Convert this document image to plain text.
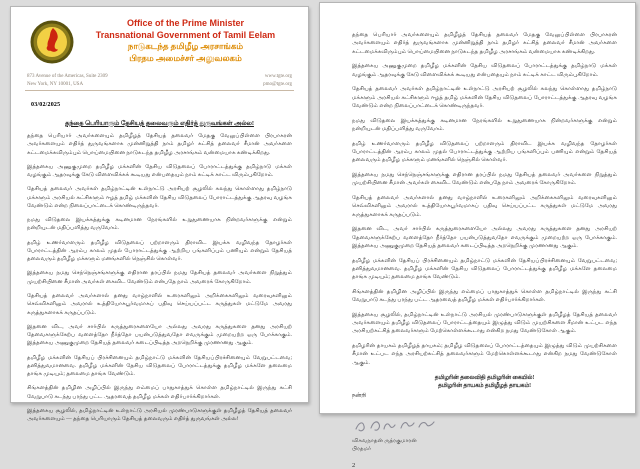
Office of the Prime Minister
Transnational Government of Tamil Eelam
நாடுகடந்த தமிழீழ அரசாங்கம்
பிரதம அமைச்சர் அலுவலகம்
873 Avenue of the Americas, Suite 2309
New York, NY 10001, USA
www.tgte.org
pmo@tgte.org
03/02/2025
தந்தை பெரியாரும் தேசியத் தலைவரும் எதிர்த் துருவங்கள் அல்ல!

தந்தை பெரியார் அவர்களையும் தமிழீழத் தேசியத் தலைவர் மேதகு வேலுப்பிள்ளை பிரபாகரன் அவர்களையும் எதிர்த் துருவங்களாக முன்னிறுத்தி நாம் தமிழர் கட்சித் தலைவர் சீமான் அவர்களை கட்டமைக்கவிரும்பும் பொய்மையினை நாடுகடந்த தமிழீழ அரசாங்கம் வன்மையாக கண்டிக்கிறது.

இத்தகைய அணுகுமுறை தமிழீழ மக்களின் தேசிய விடுதலைப் போராட்டத்துக்கு தமிழ்நாடு மக்கள் வழங்கும் ஆதரவுக்கு கேடு விளைவிக்கக் கூடியது என்பதையும் நாம் சுட்டிக் காட்ட விரும்புகிறோம்.

தேசியத் தலைவர் அவர்கள் தமிழ்நாட்டின் உள்நாட்டு அரசியற் சூழலில் கலந்து கொள்ளாது தமிழ்நாடு மக்களும் அரசியல் கட்சிகளும் ஈழத் தமிழ் மக்களின் தேசிய விடுதலைப் போராட்டத்துக்கு ஆதரவு வழங்க வேண்டும் என்ற நிலைப்பாட்டைக் கொண்டிருந்தவர்.

நமது விடுதலை இயக்கத்துக்கு கடினமான நேரங்களில் உறுதுணையாக நின்றவர்களுக்கு என்றும் நன்றியுடன் மதிப்பளித்து வருவோம்.

தமிழ் உணர்வாளரும் தமிழீழ விடுதலைப் பற்றாளரும் திராவிட இயக்க வழிவந்த தோழர்கள் போராட்டத்தின் ஆரம்ப காலம் முதல் போராட்டத்துக்கு ஆற்றிய பங்களிப்பும் பணியும் என்றும் தேசியத் தலைவரும் தமிழீழ மக்களும் மனங்களில் நெஞ்சில் கொள்வர்.

இத்தகைய நமது செந்நெஞ்சங்களுக்கு எதிரான தரப்பில் நமது தேசியத் தலைவர் அவர்களை நிறுத்தும் முயற்சியினை சீமான் அவர்கள் கைவிட வேண்டும் என்பதே நாம் அவரைக் கோருகிறோம்.

தேசியத் தலைவர் அவர்களால் தனது வாழ்நாளில் உரைகளிலும் அறிக்கைகளிலும் வரைவுகளிலும் செவ்விகளிலும் அவரால் உத்தியோகபூர்வமாகப் பதிவு செய்யப்பட்ட கருத்துகள் மட்டுமே அவரது கருத்துகளாகக் கருதப்படும்.

இதனை விட, அவர் சார்பில் கருத்துரைகளையோ அல்லது அவரது கருத்துகளை தனது அரசியற் தேவைகளுக்கேற்ப வளைத்தோ நீர்த்தோ பயன்படுத்துவதோ எவருக்கும் முறையற்ற ஒரு போக்காகும். இத்தகைய அணுகுமுறை தேசியத் தலைவர் கடைப்பிடித்த அறநெறிக்கு முரணானது ஆகும்.

தமிழீழ மக்களின் தேசியப் பிரச்சினையும் தமிழ்நாட்டு மக்களின் தேசியப்பிரச்சினையும் வேறுபட்டவை; தனித்துவமானவை. தமிழீழ மக்களின் தேசிய விடுதலைப் போராட்டத்துக்கு தமிழீழ மக்களே தலைமை தாங்க முடியும்; தலைமை தாங்க வேண்டும்.

சிங்களத்தின் தமிழின அழிப்பில் இருந்து எம்மைப் பாதுகாத்துக் கொள்ள தமிழ்நாட்டில் இருந்து கட்சி வேறுபாடு கடந்து பரந்து பட்ட ஆதரவைத் தமிழீழ மக்கள் எதிர்பார்க்கிறார்கள்.

இத்தகைய சூழலில், தமிழ்நாட்டின் உள்நாட்டு அரசியல் முரண்பாடுகளுக்குள் தமிழீழத் தேசியத் தலைவர் அவர்களையும் — தந்தை பெரியாரும் தேசியத் தலைவரும் எதிர்த் துருவங்கள் அல்ல!

தந்தை பெரியார் அவர்களையும் தமிழீழத் தேசியத் தலைவர் மேதகு வேலுப்பிள்ளை பிரபாகரன் அவர்களையும் எதிர்த் துருவங்களாக முன்னிறுத்தி நாம் தமிழர் கட்சித் தலைவர் சீமான் அவர்களை கட்டமைக்கவிரும்பும் பொய்மையினை நாடுகடந்த தமிழீழ அரசாங்கம் வன்மையாக கண்டிக்கிறது.

இத்தகைய அணுகுமுறை தமிழீழ மக்களின் தேசிய விடுதலைப் போராட்டத்துக்கு தமிழ்நாடு மக்கள் வழங்கும் ஆதரவுக்கு கேடு விளைவிக்கக் கூடியது என்பதையும் நாம் சுட்டிக் காட்ட விரும்புகிறோம்.

தேசியத் தலைவர் அவர்கள் தமிழ்நாட்டின் உள்நாட்டு அரசியற் சூழலில் கலந்து கொள்ளாது தமிழ்நாடு மக்களும் அரசியல் கட்சிகளும் ஈழத் தமிழ் மக்களின் தேசிய விடுதலைப் போராட்டத்துக்கு ஆதரவு வழங்க வேண்டும் என்ற நிலைப்பாட்டைக் கொண்டிருந்தவர்.

நமது விடுதலை இயக்கத்துக்கு கடினமான நேரங்களில் உறுதுணையாக நின்றவர்களுக்கு என்றும் நன்றியுடன் மதிப்பளித்து வருவோம்.

தமிழ் உணர்வாளரும் தமிழீழ விடுதலைப் பற்றாளரும் திராவிட இயக்க வழிவந்த தோழர்கள் போராட்டத்தின் ஆரம்ப காலம் முதல் போராட்டத்துக்கு ஆற்றிய பங்களிப்பும் பணியும் என்றும் தேசியத் தலைவரும் தமிழீழ மக்களும் மனங்களில் நெஞ்சில் கொள்வர்.

இத்தகைய நமது செந்நெஞ்சங்களுக்கு எதிரான தரப்பில் நமது தேசியத் தலைவர் அவர்களை நிறுத்தும் முயற்சியினை சீமான் அவர்கள் கைவிட வேண்டும் என்பதே நாம் அவரைக் கோருகிறோம்.

தேசியத் தலைவர் அவர்களால் தனது வாழ்நாளில் உரைகளிலும் அறிக்கைகளிலும் வரைவுகளிலும் செவ்விகளிலும் அவரால் உத்தியோகபூர்வமாகப் பதிவு செய்யப்பட்ட கருத்துகள் மட்டுமே அவரது கருத்துகளாகக் கருதப்படும்.

இதனை விட, அவர் சார்பில் கருத்துரைகளையோ அல்லது அவரது கருத்துகளை தனது அரசியற் தேவைகளுக்கேற்ப வளைத்தோ நீர்த்தோ பயன்படுத்துவதோ எவருக்கும் முறையற்ற ஒரு போக்காகும். இத்தகைய அணுகுமுறை தேசியத் தலைவர் கடைப்பிடித்த அறநெறிக்கு முரணானது ஆகும்.

தமிழீழ மக்களின் தேசியப் பிரச்சினையும் தமிழ்நாட்டு மக்களின் தேசியப்பிரச்சினையும் வேறுபட்டவை; தனித்துவமானவை. தமிழீழ மக்களின் தேசிய விடுதலைப் போராட்டத்துக்கு தமிழீழ மக்களே தலைமை தாங்க முடியும்; தலைமை தாங்க வேண்டும்.

சிங்களத்தின் தமிழின அழிப்பில் இருந்து எம்மைப் பாதுகாத்துக் கொள்ள தமிழ்நாட்டில் இருந்து கட்சி வேறுபாடு கடந்து பரந்து பட்ட ஆதரவைத் தமிழீழ மக்கள் எதிர்பார்க்கிறார்கள்.

இத்தகைய சூழலில், தமிழ்நாட்டின் உள்நாட்டு அரசியல் முரண்பாடுகளுக்குள் தமிழீழத் தேசியத் தலைவர் அவர்களையும் தமிழீழ விடுதலைப் போராட்டத்தையும் இழுத்து விடும் முயற்சிகளை சீமான் உட்பட எந்த அரசியற்கட்சித் தலைவர்களும் மேற்கொள்ளக்கூடாது என்கிற நமது வேண்டுகோள் ஆகும்.

தமிழரின் தாயகம் தமிழீழத் தாயகம்; தமிழீழ விடுதலைப் போராட்டத்தையும் இழுத்து விடும் முயற்சிகளை சீமான் உட்பட எந்த அரசியற்கட்சித் தலைவர்களும் மேற்கொள்ளக்கூடாது என்கிற நமது வேண்டுகோள் ஆகும்.

தமிழரின் தலைவிதி தமிழரின் கையில்!
தமிழரின் தாயகம் தமிழீழத் தாயகம்!
நன்றி
விசுவநாதன் ருத்ரகுமாரன்
பிரதமர்
2
